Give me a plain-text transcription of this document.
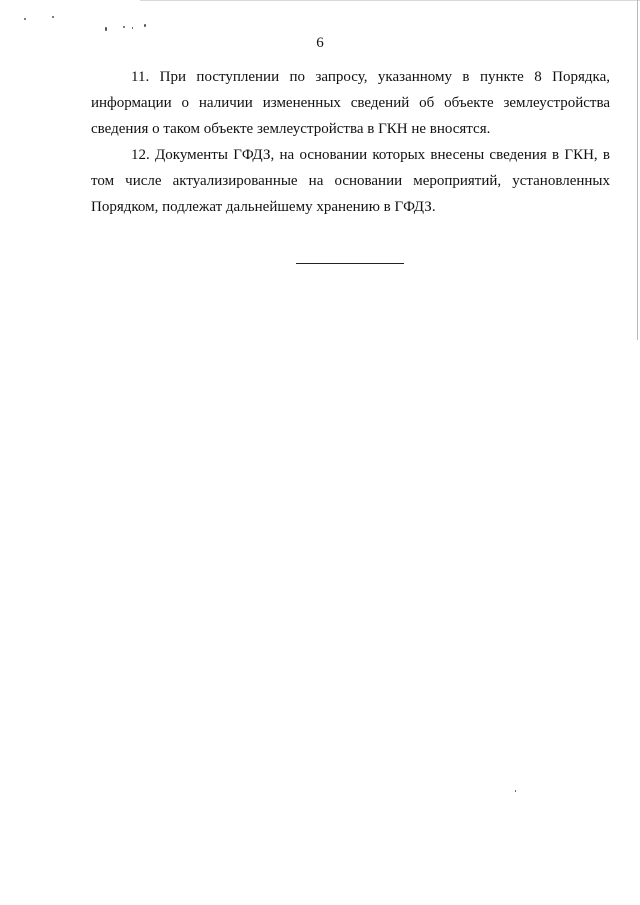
6

11. При поступлении по запросу, указанному в пункте 8 Порядка, информации о наличии измененных сведений об объекте землеустройства сведения о таком объекте землеустройства в ГКН не вносятся.

12. Документы ГФДЗ, на основании которых внесены сведения в ГКН, в том числе актуализированные на основании мероприятий, установленных Порядком, подлежат дальнейшему хранению в ГФДЗ.
